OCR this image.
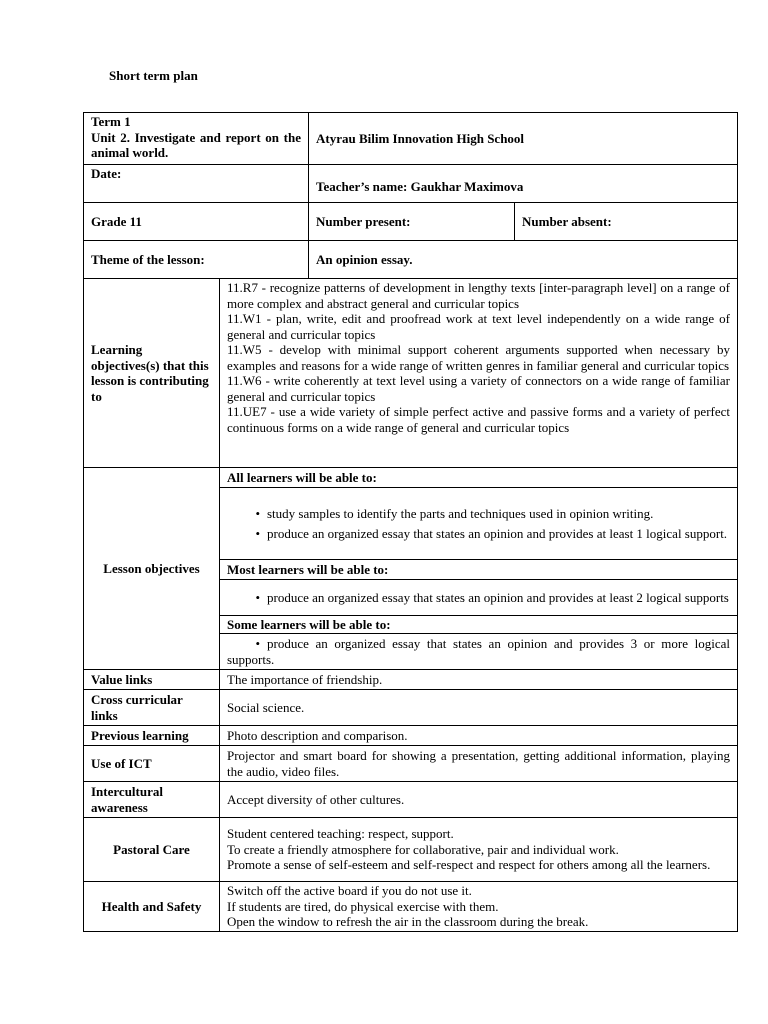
Short term plan
Term 1
Unit 2. Investigate and report on the animal world.		Atyrau Bilim Innovation High School	
Date:		Teacher’s name: Gaukhar Maximova	
Grade 11		Number present:	Number absent:
Theme of the lesson:		An opinion essay.	
Learning objectives(s) that this lesson is contributing to	11.R7 - recognize patterns of development in lengthy texts [inter-paragraph level] on a range of more complex and abstract general and curricular topics
11.W1 - plan, write, edit and proofread work at text level independently on a wide range of general and curricular topics
11.W5 - develop with minimal support coherent arguments supported when necessary by examples and reasons for a wide range of written genres in familiar general and curricular topics
11.W6 - write coherently at text level using a variety of connectors on a wide range of familiar general and curricular topics
11.UE7 - use a wide variety of simple perfect active and passive forms and a variety of perfect continuous forms on a wide range of general and curricular topics		

Lesson objectives	All learners will be able to:		

	• study samples to identify the parts and techniques used in opinion writing.
• produce an organized essay that states an opinion and provides at least 1 logical support.		

	Most learners will be able to:		
	• produce an organized essay that states an opinion and provides at least 2 logical supports		
	Some learners will be able to:		
	• produce an organized essay that states an opinion and provides 3 or more logical supports.		
Value links	The importance of friendship.		
Cross curricular links	Social science.		
Previous learning	Photo description and comparison.		
Use of ICT	Projector and smart board for showing a presentation, getting additional information, playing the audio, video files.		
Intercultural awareness	Accept diversity of other cultures.		
Pastoral Care	Student centered teaching: respect, support.
To create a friendly atmosphere for collaborative, pair and individual work.
Promote a sense of self-esteem and self-respect and respect for others among all the learners.		

Health and Safety	Switch off the active board if you do not use it.
If students are tired, do physical exercise with them.
Open the window to refresh the air in the classroom during the break.		
